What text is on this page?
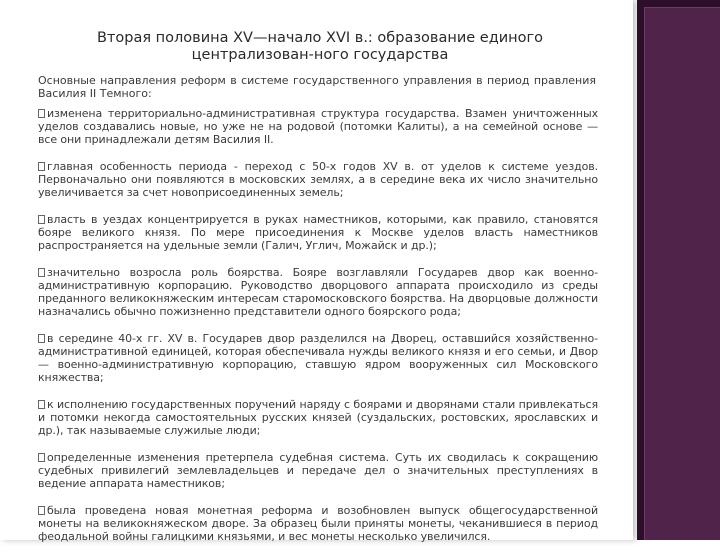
Вторая половина XV—начало XVI в.: образование единого
централизован-ного государства
Основные направления реформ в системе государственного управления в период правления Василия II Темного:
изменена территориально-административная структура государства. Взамен уничтоженных уделов создавались новые, но уже не на родовой (потомки Калиты), а на семейной основе — все они принадлежали детям Василия II.
главная особенность периода - переход с 50-х годов XV в. от уделов к системе уездов. Первоначально они появляются в московских землях, а в середине века их число значительно увеличивается за счет новоприсоединенных земель;
власть в уездах концентрируется в руках наместников, которыми, как правило, становятся бояре великого князя. По мере присоединения к Москве уделов власть наместников распространяется на удельные земли (Галич, Углич, Можайск и др.);
значительно возросла роль боярства. Бояре возглавляли Государев двор как военно-административную корпорацию. Руководство дворцового аппарата происходило из среды преданного великокняжеским интересам старомосковского боярства. На дворцовые должности назначались обычно пожизненно представители одного боярского рода;
в середине 40-х гг. XV в. Государев двор разделился на Дворец, оставшийся хозяйственно-административной единицей, которая обеспечивала нужды великого князя и его семьи, и Двор — военно-административную корпорацию, ставшую ядром вооруженных сил Московского княжества;
к исполнению государственных поручений наряду с боярами и дворянами стали привлекаться и потомки некогда самостоятельных русских князей (суздальских, ростовских, ярославских и др.), так называемые служилые люди;
определенные изменения претерпела судебная система. Суть их сводилась к сокращению судебных привилегий землевладельцев и передаче дел о значительных преступлениях в ведение аппарата наместников;
была проведена новая монетная реформа и возобновлен выпуск общегосударственной монеты на великокняжеском дворе. За образец были приняты монеты, чеканившиеся в период феодальной войны галицкими князьями, и вес монеты несколько увеличился.
